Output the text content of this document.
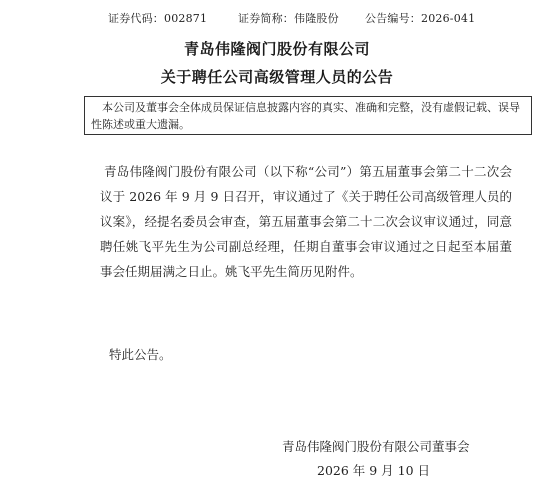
证券代码：002871	证券简称：伟隆股份 公告编号：2026-041
青岛伟隆阀门股份有限公司
关于聘任公司高级管理人员的公告
本公司及董事会全体成员保证信息披露内容的真实、准确和完整，没有虚假记载、误导性陈述或重大遗漏。
青岛伟隆阀门股份有限公司（以下称“公司”）第五届董事会第二十二次会议于 2026 年 9 月 9 日召开，审议通过了《关于聘任公司高级管理人员的议案》，经提名委员会审查，第五届董事会第二十二次会议审议通过，同意聘任姚飞平先生为公司副总经理，任期自董事会审议通过之日起至本届董事会任期届满之日止。姚飞平先生简历见附件。
特此公告。
青岛伟隆阀门股份有限公司董事会
2026 年 9 月 10 日
